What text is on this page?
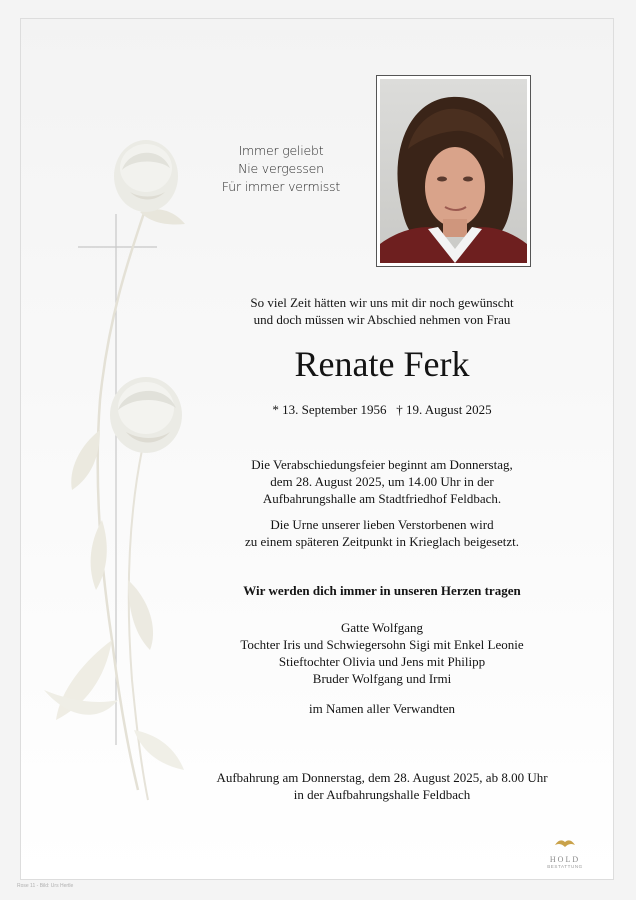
Immer geliebt
Nie vergessen
Für immer vermisst
So viel Zeit hätten wir uns mit dir noch gewünscht
und doch müssen wir Abschied nehmen von Frau
Renate Ferk
* 13. September 1956 † 19. August 2025
Die Verabschiedungsfeier beginnt am Donnerstag,
dem 28. August 2025, um 14.00 Uhr in der
Aufbahrungshalle am Stadtfriedhof Feldbach.
Die Urne unserer lieben Verstorbenen wird
zu einem späteren Zeitpunkt in Krieglach beigesetzt.
Wir werden dich immer in unseren Herzen tragen
Gatte Wolfgang
Tochter Iris und Schwiegersohn Sigi mit Enkel Leonie
Stieftochter Olivia und Jens mit Philipp
Bruder Wolfgang und Irmi
im Namen aller Verwandten
Aufbahrung am Donnerstag, dem 28. August 2025, ab 8.00 Uhr
in der Aufbahrungshalle Feldbach
HOLD
BESTATTUNG
Rose 11 - Bild: Urs Hertle
